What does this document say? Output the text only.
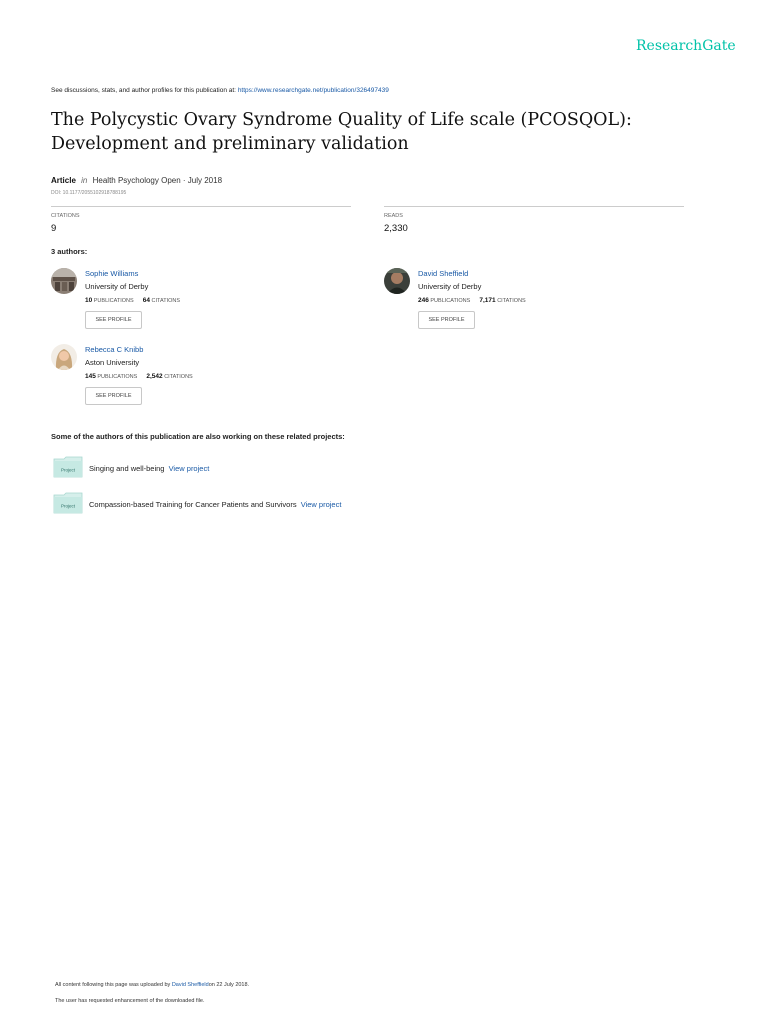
ResearchGate
See discussions, stats, and author profiles for this publication at: https://www.researchgate.net/publication/326497439
The Polycystic Ovary Syndrome Quality of Life scale (PCOSQOL): Development and preliminary validation
Article in Health Psychology Open · July 2018
DOI: 10.1177/2055102918788195
CITATIONS
9
READS
2,330
3 authors:
Sophie Williams
University of Derby
10 PUBLICATIONS 64 CITATIONS
SEE PROFILE
David Sheffield
University of Derby
246 PUBLICATIONS 7,171 CITATIONS
SEE PROFILE
Rebecca C Knibb
Aston University
145 PUBLICATIONS 2,542 CITATIONS
SEE PROFILE
Some of the authors of this publication are also working on these related projects:
Project Singing and well-being View project
Project Compassion-based Training for Cancer Patients and Survivors View project
All content following this page was uploaded by David Sheffieldon 22 July 2018.
The user has requested enhancement of the downloaded file.
